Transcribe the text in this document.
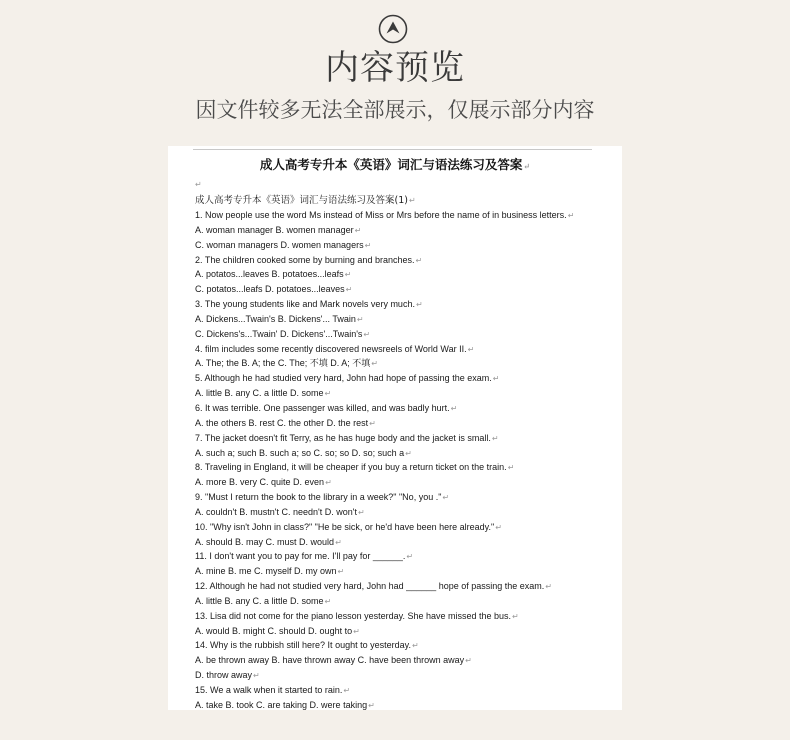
内容预览
因文件较多无法全部展示，仅展示部分内容
成人高考专升本《英语》词汇与语法练习及答案↵
↵
成人高考专升本《英语》词汇与语法练习及答案(1)↵
1. Now people use the word Ms instead of Miss or Mrs before the name of in business letters.↵
A. woman manager B. women manager↵
C. woman managers D. women managers↵
2. The children cooked some by burning and branches.↵
A. potatos...leaves B. potatoes...leafs↵
C. potatos...leafs D. potatoes...leaves↵
3. The young students like and Mark novels very much.↵
A. Dickens...Twain's B. Dickens'... Twain↵
C. Dickens's...Twain' D. Dickens'...Twain's↵
4. film includes some recently discovered newsreels of World War II.↵
A. The; the B. A; the C. The; 不填 D. A; 不填↵
5. Although he had studied very hard, John had hope of passing the exam.↵
A. little B. any C. a little D. some↵
6. It was terrible. One passenger was killed, and was badly hurt.↵
A. the others B. rest C. the other D. the rest↵
7. The jacket doesn't fit Terry, as he has huge body and the jacket is small.↵
A. such a; such B. such a; so C. so; so D. so; such a↵
8. Traveling in England, it will be cheaper if you buy a return ticket on the train.↵
A. more B. very C. quite D. even↵
9. "Must I return the book to the library in a week?" "No, you ."↵
A. couldn't B. mustn't C. needn't D. won't↵
10. "Why isn't John in class?" "He be sick, or he'd have been here already."↵
A. should B. may C. must D. would↵
11. I don't want you to pay for me. I'll pay for ______.↵
A. mine B. me C. myself D. my own↵
12. Although he had not studied very hard, John had ______ hope of passing the exam.↵
A. little B. any C. a little D. some↵
13. Lisa did not come for the piano lesson yesterday. She have missed the bus.↵
A. would B. might C. should D. ought to↵
14. Why is the rubbish still here? It ought to yesterday.↵
A. be thrown away B. have thrown away C. have been thrown away↵
D. throw away↵
15. We a walk when it started to rain.↵
A. take B. took C. are taking D. were taking↵
